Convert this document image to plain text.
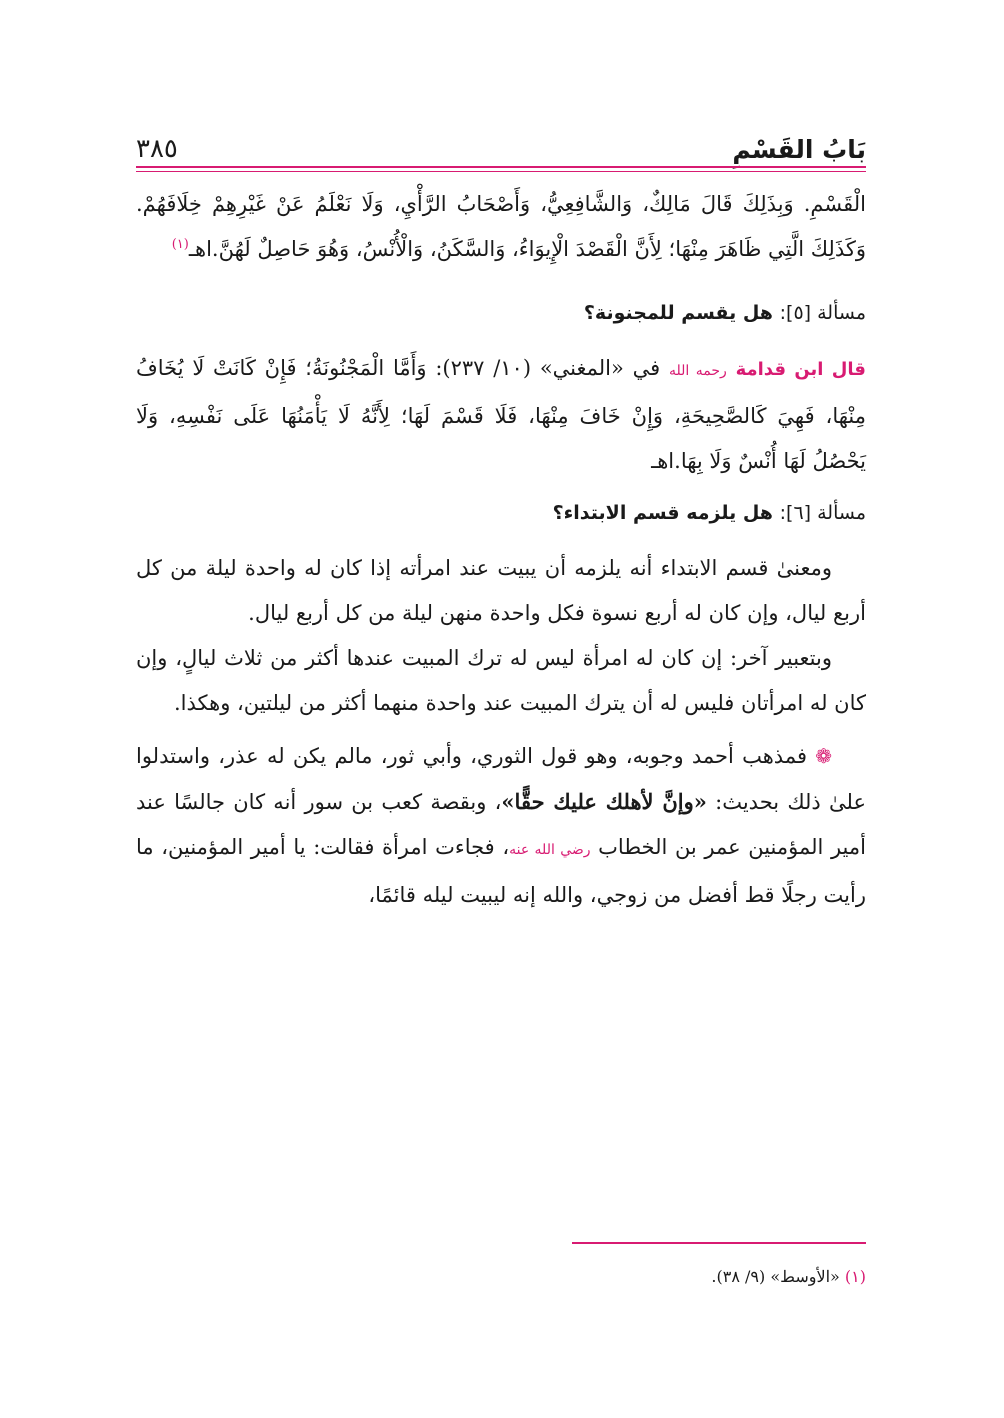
بَابُ القَسْمِ
٣٨٥

الْقَسْمِ. وَبِذَلِكَ قَالَ مَالِكٌ، وَالشَّافِعِيُّ، وَأَصْحَابُ الرَّأْيِ، وَلَا نَعْلَمُ عَنْ غَيْرِهِمْ خِلَافَهُمْ. وَكَذَلِكَ الَّتِي ظَاهَرَ مِنْهَا؛ لِأَنَّ الْقَصْدَ الْإِيوَاءُ، وَالسَّكَنُ، وَالْأُنْسُ، وَهُوَ حَاصِلٌ لَهُنَّ.اهـ$^{(١)}$

مسألة [٥]: هل يقسم للمجنونة؟

قال ابن قدامة رحمه الله في «المغني» (١٠/ ٢٣٧): وَأَمَّا الْمَجْنُونَةُ؛ فَإِنْ كَانَتْ لَا يُخَافُ مِنْهَا، فَهِيَ كَالصَّحِيحَةِ، وَإِنْ خَافَ مِنْهَا، فَلَا قَسْمَ لَهَا؛ لِأَنَّهُ لَا يَأْمَنُهَا عَلَى نَفْسِهِ، وَلَا يَحْصُلُ لَهَا أُنْسٌ وَلَا بِهَا.اهـ

مسألة [٦]: هل يلزمه قسم الابتداء؟

ومعنىٰ قسم الابتداء أنه يلزمه أن يبيت عند امرأته إذا كان له واحدة ليلة من كل أربع ليال، وإن كان له أربع نسوة فكل واحدة منهن ليلة من كل أربع ليال.

وبتعبير آخر: إن كان له امرأة ليس له ترك المبيت عندها أكثر من ثلاث ليالٍ، وإن كان له امرأتان فليس له أن يترك المبيت عند واحدة منهما أكثر من ليلتين، وهكذا.

❁ فمذهب أحمد وجوبه، وهو قول الثوري، وأبي ثور، مالم يكن له عذر، واستدلوا علىٰ ذلك بحديث: «وإنَّ لأهلك عليك حقًّا»، وبقصة كعب بن سور أنه كان جالسًا عند أمير المؤمنين عمر بن الخطاب رضي الله عنه، فجاءت امرأة فقالت: يا أمير المؤمنين، ما رأيت رجلًا قط أفضل من زوجي، والله إنه ليبيت ليله قائمًا،

(١) «الأوسط» (٩/ ٣٨).
